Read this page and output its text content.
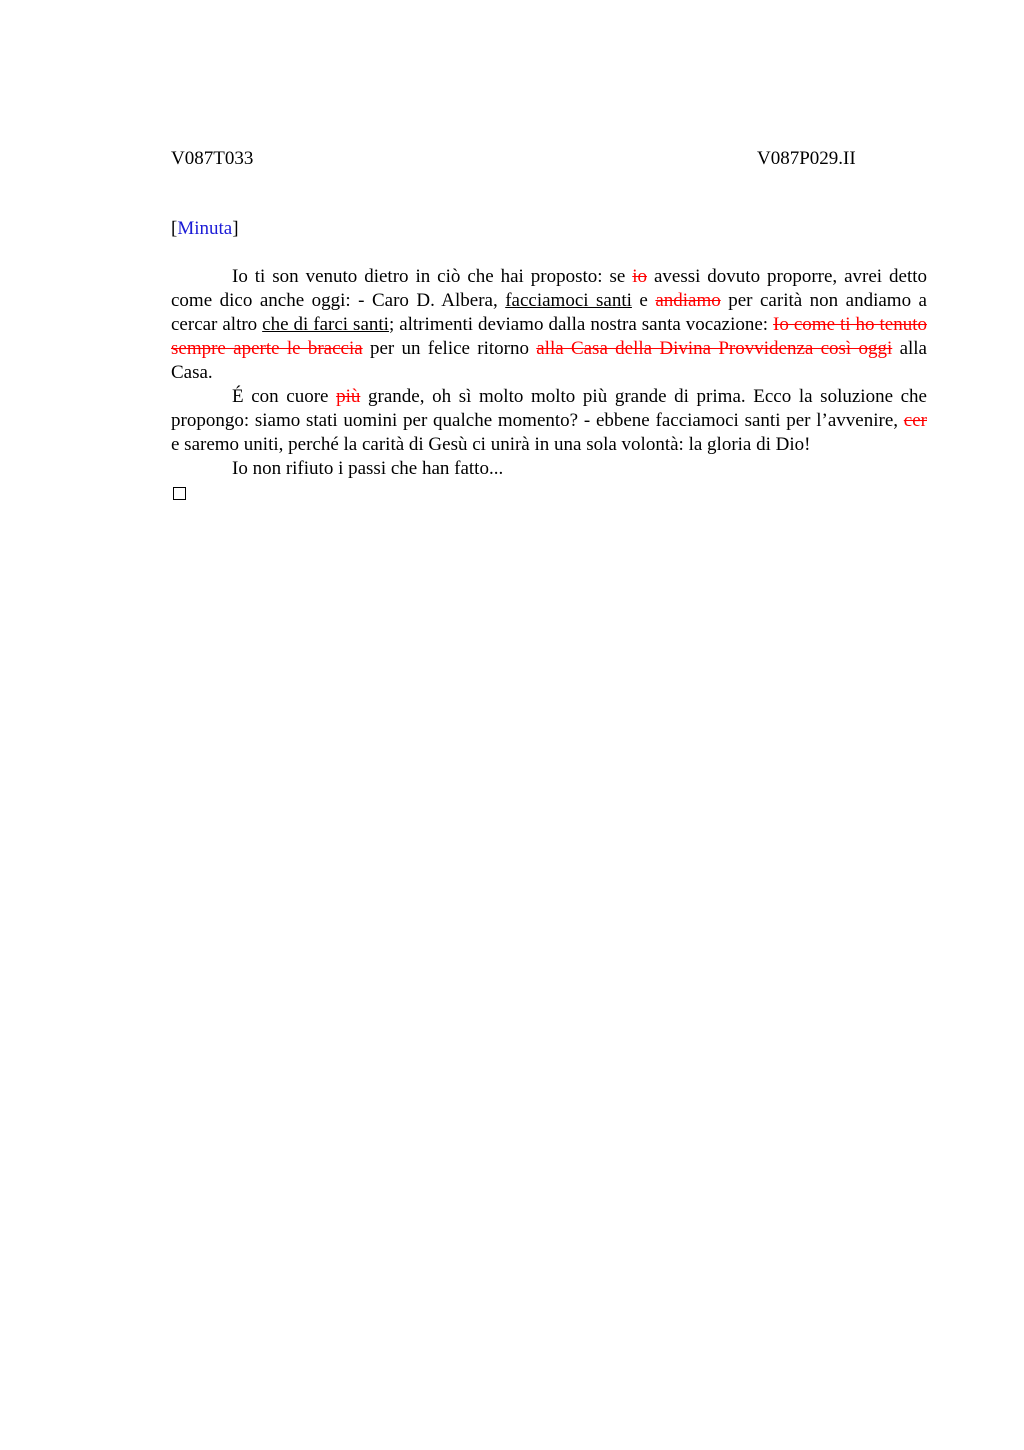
V087T033	V087P029.II
[Minuta]

Io ti son venuto dietro in ciò che hai proposto: se io avessi dovuto proporre, avrei detto come dico anche oggi: - Caro D. Albera, facciamoci santi e andiamo per carità non andiamo a cercar altro che di farci santi; altrimenti deviamo dalla nostra santa vocazione: Io come ti ho tenuto sempre aperte le braccia per un felice ritorno alla Casa della Divina Provvidenza così oggi alla Casa.

É con cuore più grande, oh sì molto molto più grande di prima. Ecco la soluzione che propongo: siamo stati uomini per qualche momento? - ebbene facciamoci santi per l’avvenire, cer e saremo uniti, perché la carità di Gesù ci unirà in una sola volontà: la gloria di Dio!

Io non rifiuto i passi che han fatto...
